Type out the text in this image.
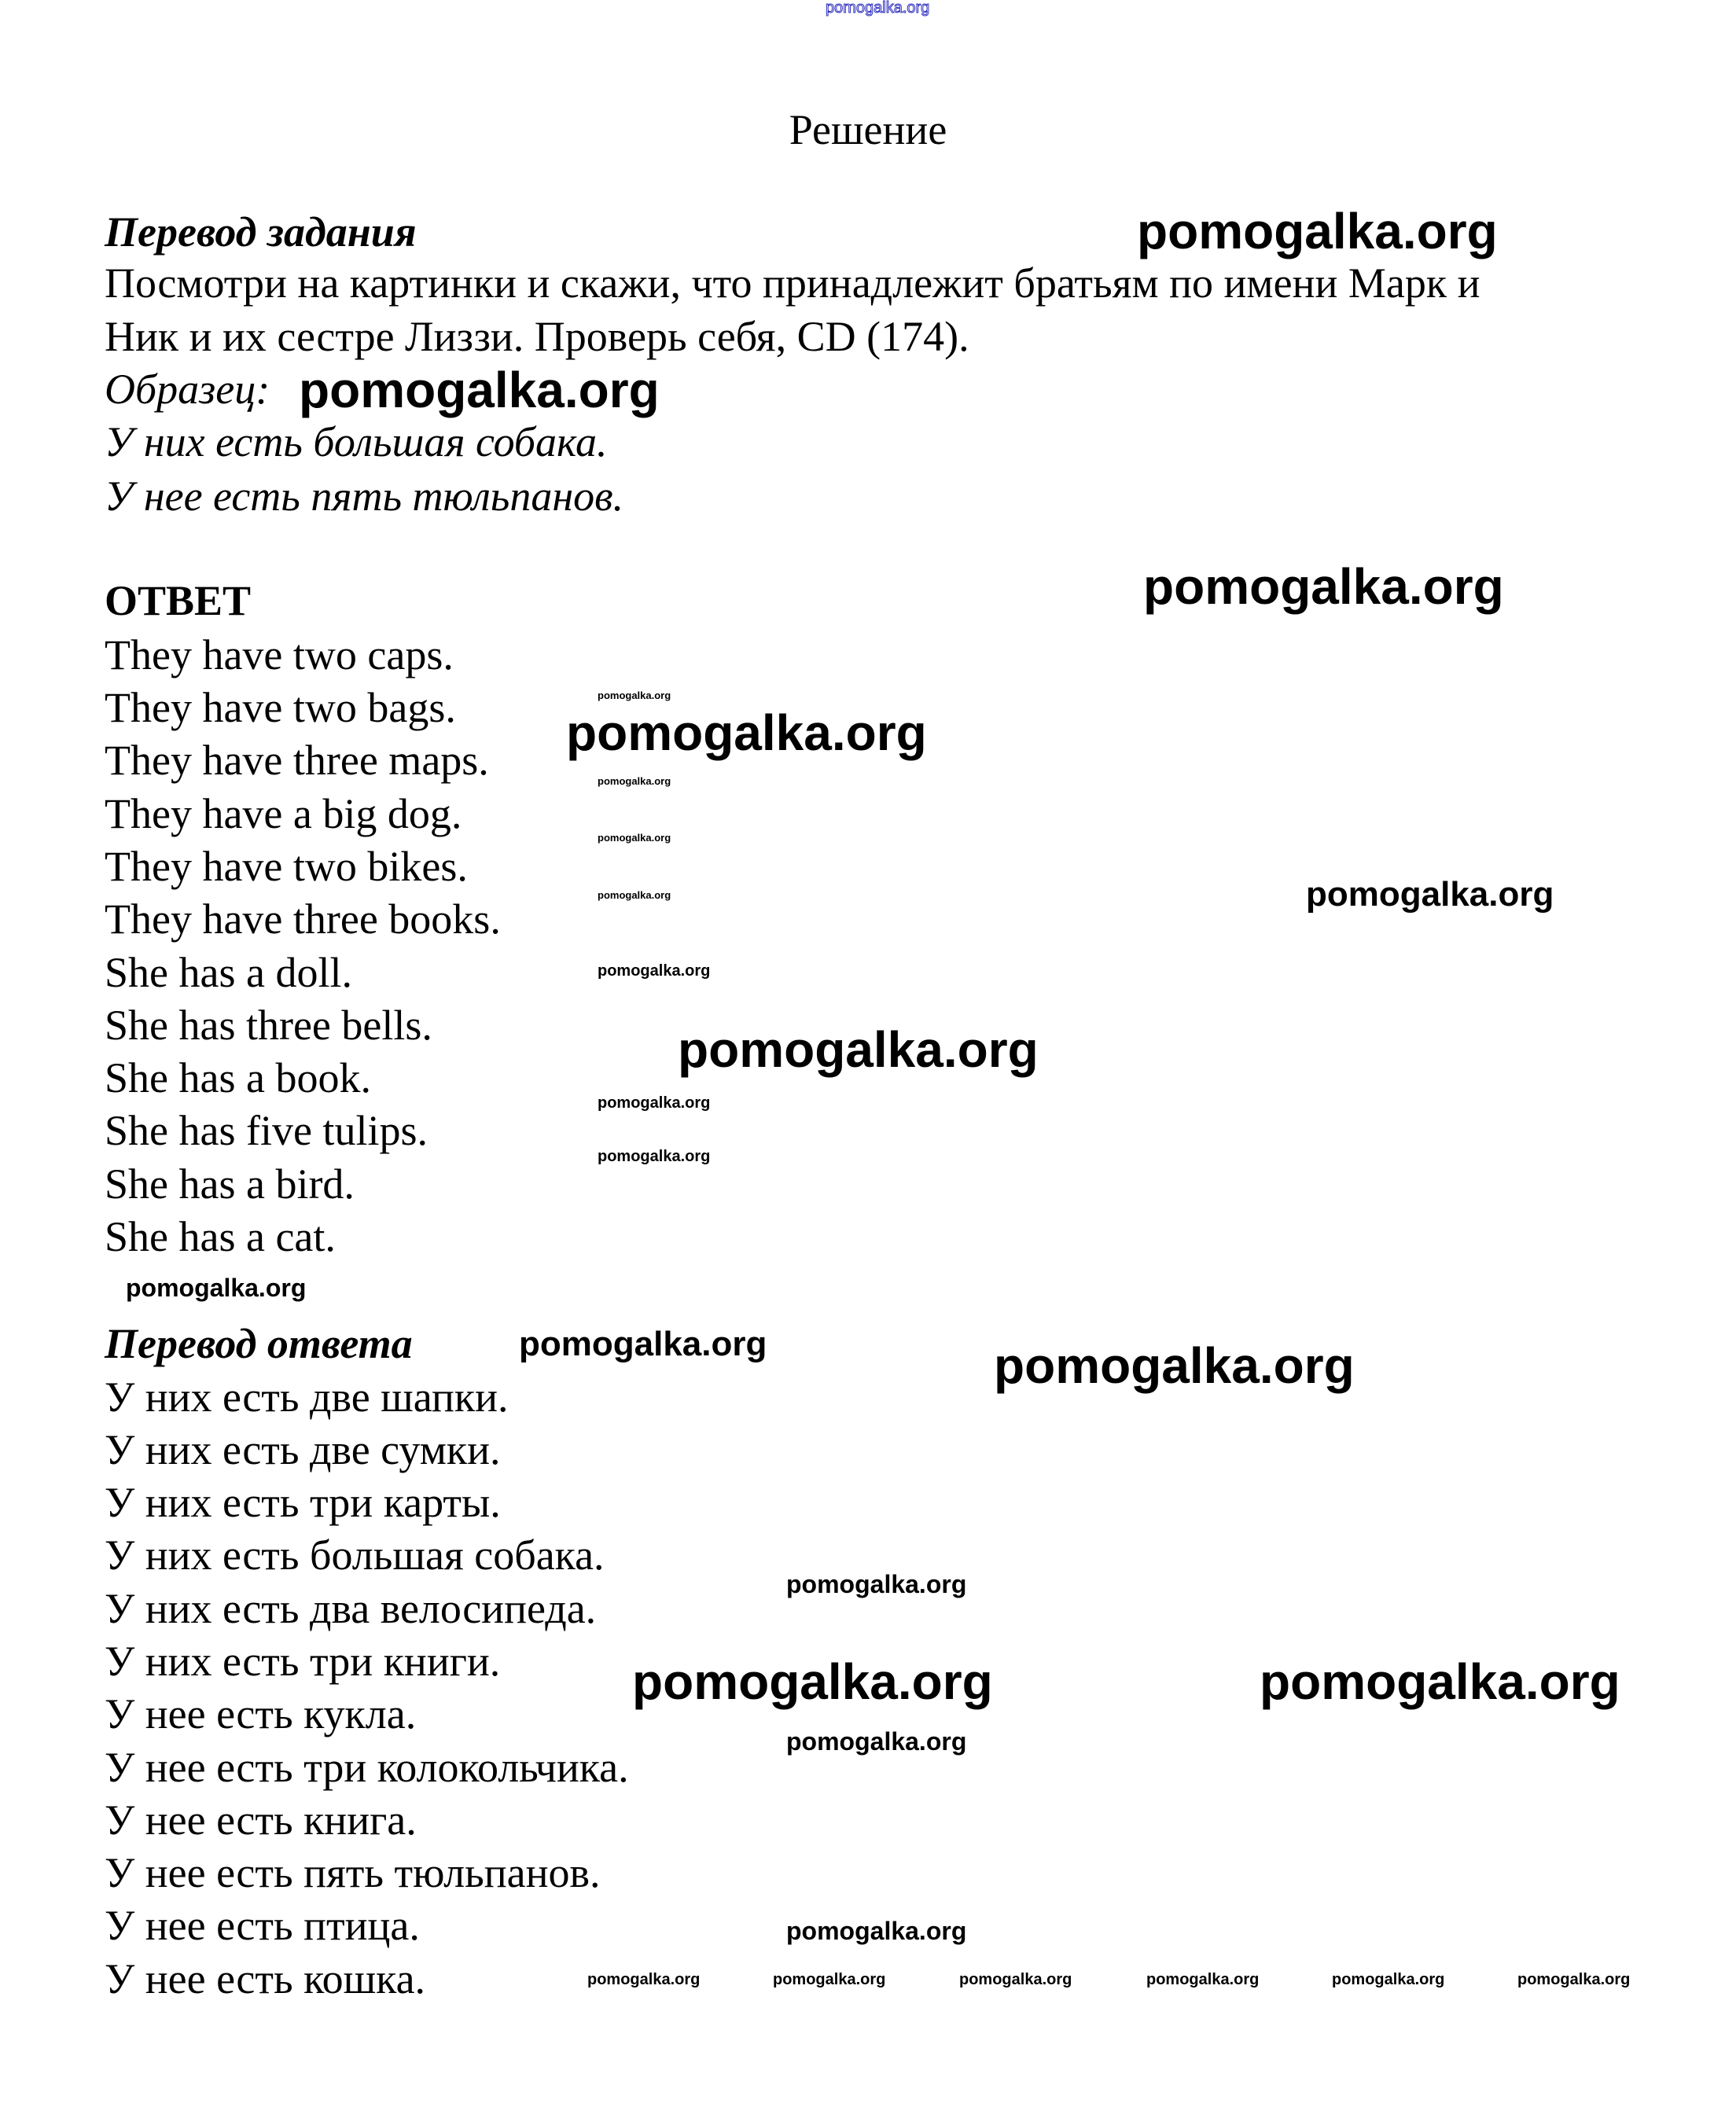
pomogalka.org
Решение
Перевод задания
Посмотри на картинки и скажи, что принадлежит братьям по имени Марк и
Ник и их сестре Лиззи. Проверь себя, CD (174).
Образец:
У них есть большая собака.
У нее есть пять тюльпанов.
ОТВЕТ
They have two caps.
They have two bags.
They have three maps.
They have a big dog.
They have two bikes.
They have three books.
She has a doll.
She has three bells.
She has a book.
She has five tulips.
She has a bird.
She has a cat.
Перевод ответа
У них есть две шапки.
У них есть две сумки.
У них есть три карты.
У них есть большая собака.
У них есть два велосипеда.
У них есть три книги.
У нее есть кукла.
У нее есть три колокольчика.
У нее есть книга.
У нее есть пять тюльпанов.
У нее есть птица.
У нее есть кошка.
pomogalka.org
pomogalka.org
pomogalka.org
pomogalka.org
pomogalka.org
pomogalka.org
pomogalka.org
pomogalka.org
pomogalka.org
pomogalka.org	pomogalka.org
pomogalka.org
pomogalka.org
pomogalka.org
pomogalka.org
pomogalka.org
pomogalka.org
pomogalka.org
pomogalka.org
pomogalka.org
pomogalka.org
pomogalka.org	pomogalka.org	pomogalka.org	pomogalka.org	pomogalka.org	pomogalka.org
